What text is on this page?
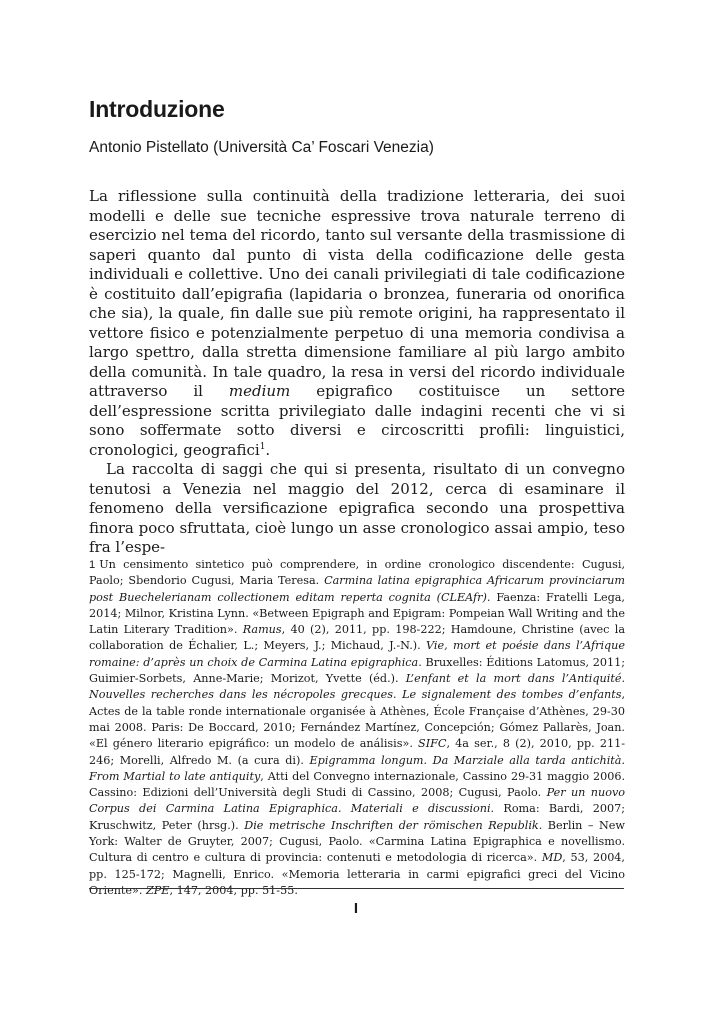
Introduzione
Antonio Pistellato (Università Ca’ Foscari Venezia)

La riflessione sulla continuità della tradizione letteraria, dei suoi modelli e delle sue tecniche espressive trova naturale terreno di esercizio nel tema del ricordo, tanto sul versante della trasmissione di saperi quanto dal punto di vista della codificazione delle gesta individuali e collettive. Uno dei canali privilegiati di tale codificazione è costituito dall’epigrafia (lapidaria o bronzea, funeraria od onorifica che sia), la quale, fin dalle sue più remote origini, ha rappresentato il vettore fisico e potenzialmente perpetuo di una memoria condivisa a largo spettro, dalla stretta dimensione familiare al più largo ambito della comunità. In tale quadro, la resa in versi del ricordo individuale attraverso il medium epigrafico costituisce un settore dell’espressione scritta privilegiato dalle indagini recenti che vi si sono soffermate sotto diversi e circoscritti profili: linguistici, cronologici, geografici$^1$.

La raccolta di saggi che qui si presenta, risultato di un convegno tenutosi a Venezia nel maggio del 2012, cerca di esaminare il fenomeno della versificazione epigrafica secondo una prospettiva finora poco sfruttata, cioè lungo un asse cronologico assai ampio, teso fra l’espe-

1 Un censimento sintetico può comprendere, in ordine cronologico discendente: Cugusi, Paolo; Sbendorio Cugusi, Maria Teresa. Carmina latina epigraphica Africarum provinciarum post Buechelerianam collectionem editam reperta cognita (CLEAfr). Faenza: Fratelli Lega, 2014; Milnor, Kristina Lynn. «Between Epigraph and Epigram: Pompeian Wall Writing and the Latin Literary Tradition». Ramus, 40 (2), 2011, pp. 198-222; Hamdoune, Christine (avec la collaboration de Échalier, L.; Meyers, J.; Michaud, J.-N.). Vie, mort et poésie dans l’Afrique romaine: d’après un choix de Carmina Latina epigraphica. Bruxelles: Éditions Latomus, 2011; Guimier-Sorbets, Anne-Marie; Morizot, Yvette (éd.). L’enfant et la mort dans l’Antiquité. Nouvelles recherches dans les nécropoles grecques. Le signalement des tombes d’enfants, Actes de la table ronde internationale organisée à Athènes, École Française d’Athènes, 29-30 mai 2008. Paris: De Boccard, 2010; Fernández Martínez, Concepción; Gómez Pallarès, Joan. «El género literario epigráfico: un modelo de análisis». SIFC, 4a ser., 8 (2), 2010, pp. 211-246; Morelli, Alfredo M. (a cura di). Epigramma longum. Da Marziale alla tarda antichità. From Martial to late antiquity, Atti del Convegno internazionale, Cassino 29-31 maggio 2006. Cassino: Edizioni dell’Università degli Studi di Cassino, 2008; Cugusi, Paolo. Per un nuovo Corpus dei Carmina Latina Epigraphica. Materiali e discussioni. Roma: Bardi, 2007; Kruschwitz, Peter (hrsg.). Die metrische Inschriften der römischen Republik. Berlin – New York: Walter de Gruyter, 2007; Cugusi, Paolo. «Carmina Latina Epigraphica e novellismo. Cultura di centro e cultura di provincia: contenuti e metodologia di ricerca». MD, 53, 2004, pp. 125-172; Magnelli, Enrico. «Memoria letteraria in carmi epigrafici greci del Vicino Oriente». ZPE, 147, 2004, pp. 51-55.

I
